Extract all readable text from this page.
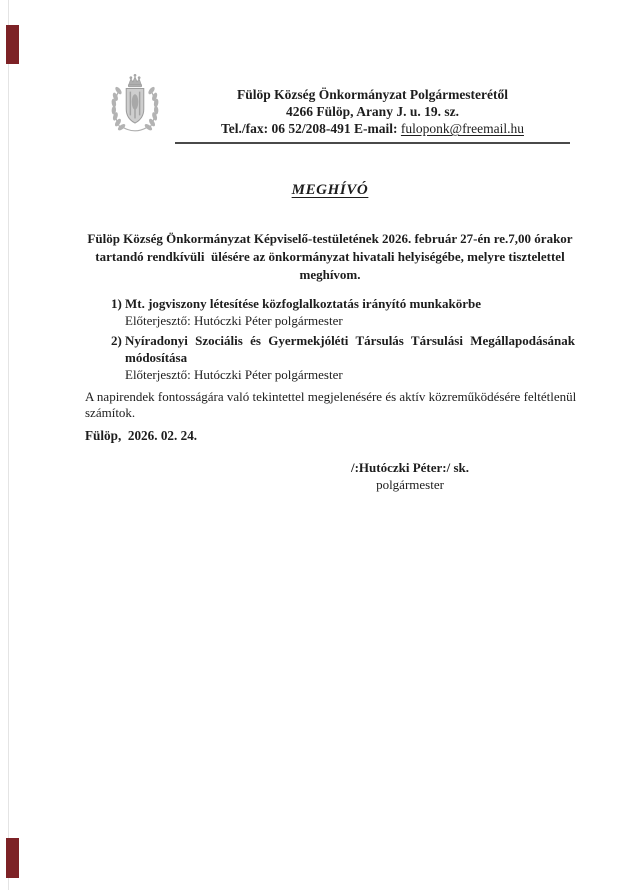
Fülöp Község Önkormányzat Polgármesterétől
4266 Fülöp, Arany J. u. 19. sz.
Tel./fax: 06 52/208-491 E-mail: fuloponk@freemail.hu
MEGHÍVÓ
Fülöp Község Önkormányzat Képviselő-testületének 2026. február 27-én re.7,00 órakor
tartandó rendkívüli  ülésére az önkormányzat hivatali helyiségébe, melyre tisztelettel
meghívom.
1) Mt. jogviszony létesítése közfoglalkoztatás irányító munkakörbe
Előterjesztő: Hutóczki Péter polgármester
2) Nyíradonyi Szociális és Gyermekjóléti Társulás Társulási Megállapodásának
módosítása
Előterjesztő: Hutóczki Péter polgármester
A napirendek fontosságára való tekintettel megjelenésére és aktív közreműködésére feltétlenül
számítok.
Fülöp,  2026. 02. 24.
/:Hutóczki Péter:/ sk.
polgármester
